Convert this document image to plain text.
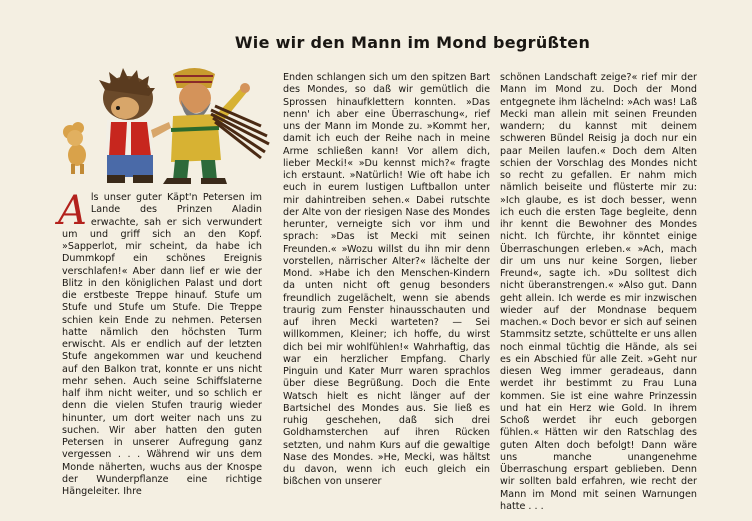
Wie wir den Mann im Mond begrüßten

Als unser guter Käpt'n Petersen im Lande des Prinzen Aladin erwachte, sah er sich verwundert um und griff sich an den Kopf. »Sapperlot, mir scheint, da habe ich Dummkopf ein schönes Ereignis verschlafen!« Aber dann lief er wie der Blitz in den königlichen Palast und dort die erstbeste Treppe hinauf. Stufe um Stufe und Stufe um Stufe. Die Treppe schien kein Ende zu nehmen. Petersen hatte nämlich den höchsten Turm erwischt. Als er endlich auf der letzten Stufe angekommen war und keuchend auf den Balkon trat, konnte er uns nicht mehr sehen. Auch seine Schiffslaterne half ihm nicht weiter, und so schlich er denn die vielen Stufen traurig wieder hinunter, um dort weiter nach uns zu suchen. Wir aber hatten den guten Petersen in unserer Aufregung ganz vergessen . . . Während wir uns dem Monde näherten, wuchs aus der Knospe der Wunderpflanze eine richtige Hängeleiter. Ihre

Enden schlangen sich um den spitzen Bart des Mondes, so daß wir gemütlich die Sprossen hinaufklettern konnten. »Das nenn' ich aber eine Überraschung«, rief uns der Mann im Monde zu. »Kommt her, damit ich euch der Reihe nach in meine Arme schließen kann! Vor allem dich, lieber Mecki!« »Du kennst mich?« fragte ich erstaunt. »Natürlich! Wie oft habe ich euch in eurem lustigen Luftballon unter mir dahintreiben sehen.« Dabei rutschte der Alte von der riesigen Nase des Mondes herunter, verneigte sich vor ihm und sprach: »Das ist Mecki mit seinen Freunden.« »Wozu willst du ihn mir denn vorstellen, närrischer Alter?« lächelte der Mond. »Habe ich den Menschen-Kindern da unten nicht oft genug besonders freundlich zugelächelt, wenn sie abends traurig zum Fenster hinausschauten und auf ihren Mecki warteten? — Sei willkommen, Kleiner; ich hoffe, du wirst dich bei mir wohlfühlen!« Wahrhaftig, das war ein herzlicher Empfang. Charly Pinguin und Kater Murr waren sprachlos über diese Begrüßung. Doch die Ente Watsch hielt es nicht länger auf der Bartsichel des Mondes aus. Sie ließ es ruhig geschehen, daß sich drei Goldhamsterchen auf ihren Rücken setzten, und nahm Kurs auf die gewaltige Nase des Mondes. »He, Mecki, was hältst du davon, wenn ich euch gleich ein bißchen von unserer

schönen Landschaft zeige?« rief mir der Mann im Mond zu. Doch der Mond entgegnete ihm lächelnd: »Ach was! Laß Mecki man allein mit seinen Freunden wandern; du kannst mit deinem schweren Bündel Reisig ja doch nur ein paar Meilen laufen.« Doch dem Alten schien der Vorschlag des Mondes nicht so recht zu gefallen. Er nahm mich nämlich beiseite und flüsterte mir zu: »Ich glaube, es ist doch besser, wenn ich euch die ersten Tage begleite, denn ihr kennt die Bewohner des Mondes nicht. Ich fürchte, ihr könntet einige Überraschungen erleben.« »Ach, mach dir um uns nur keine Sorgen, lieber Freund«, sagte ich. »Du solltest dich nicht überanstrengen.« »Also gut. Dann geht allein. Ich werde es mir inzwischen wieder auf der Mondnase bequem machen.« Doch bevor er sich auf seinen Stammsitz setzte, schüttelte er uns allen noch einmal tüchtig die Hände, als sei es ein Abschied für alle Zeit. »Geht nur diesen Weg immer geradeaus, dann werdet ihr bestimmt zu Frau Luna kommen. Sie ist eine wahre Prinzessin und hat ein Herz wie Gold. In ihrem Schoß werdet ihr euch geborgen fühlen.« Hätten wir den Ratschlag des guten Alten doch befolgt! Dann wäre uns manche unangenehme Überraschung erspart geblieben. Denn wir sollten bald erfahren, wie recht der Mann im Mond mit seinen Warnungen hatte . . .
